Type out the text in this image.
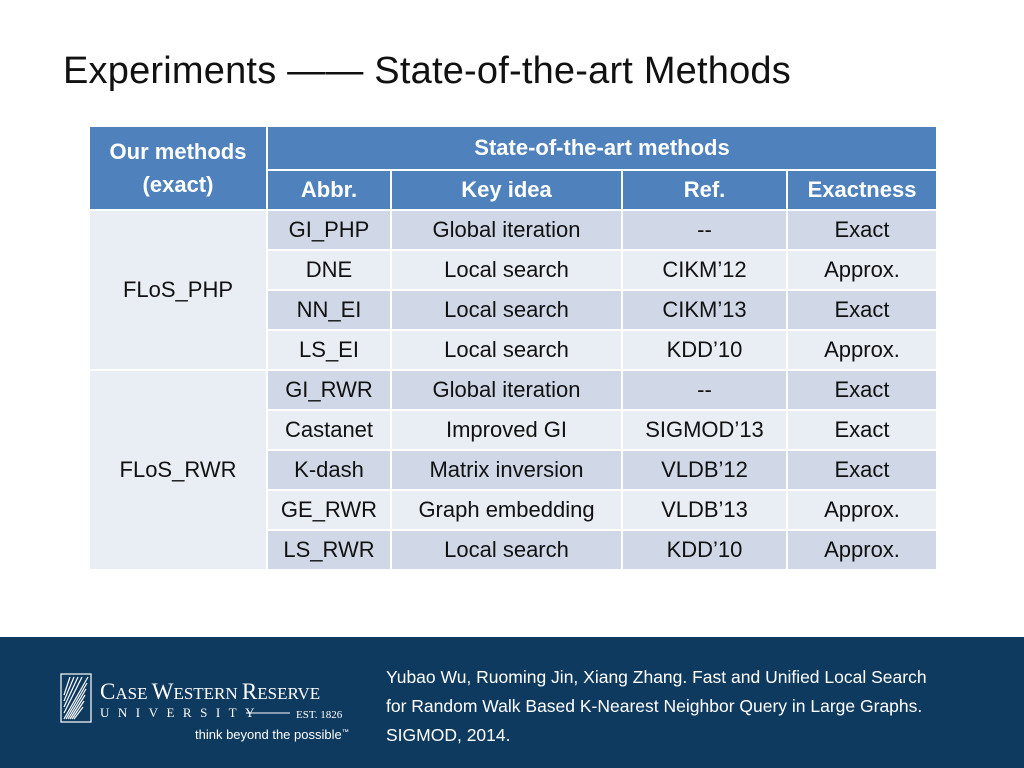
Experiments —— State-of-the-art Methods
Our methods
(exact)	State-of-the-art methods			
	Abbr.	Key idea	Ref.	Exactness
FLoS_PHP	GI_PHP	Global iteration	--	Exact
	DNE	Local search	CIKM’12	Approx.
	NN_EI	Local search	CIKM’13	Exact
	LS_EI	Local search	KDD’10	Approx.
FLoS_RWR	GI_RWR	Global iteration	--	Exact
	Castanet	Improved GI	SIGMOD’13	Exact
	K-dash	Matrix inversion	VLDB’12	Exact
	GE_RWR	Graph embedding	VLDB’13	Approx.
	LS_RWR	Local search	KDD’10	Approx.
CASE WESTERN RESERVE
UNIVERSITY	EST. 1826
think beyond the possible™
Yubao Wu, Ruoming Jin, Xiang Zhang. Fast and Unified Local Search
for Random Walk Based K-Nearest Neighbor Query in Large Graphs.
SIGMOD, 2014.
